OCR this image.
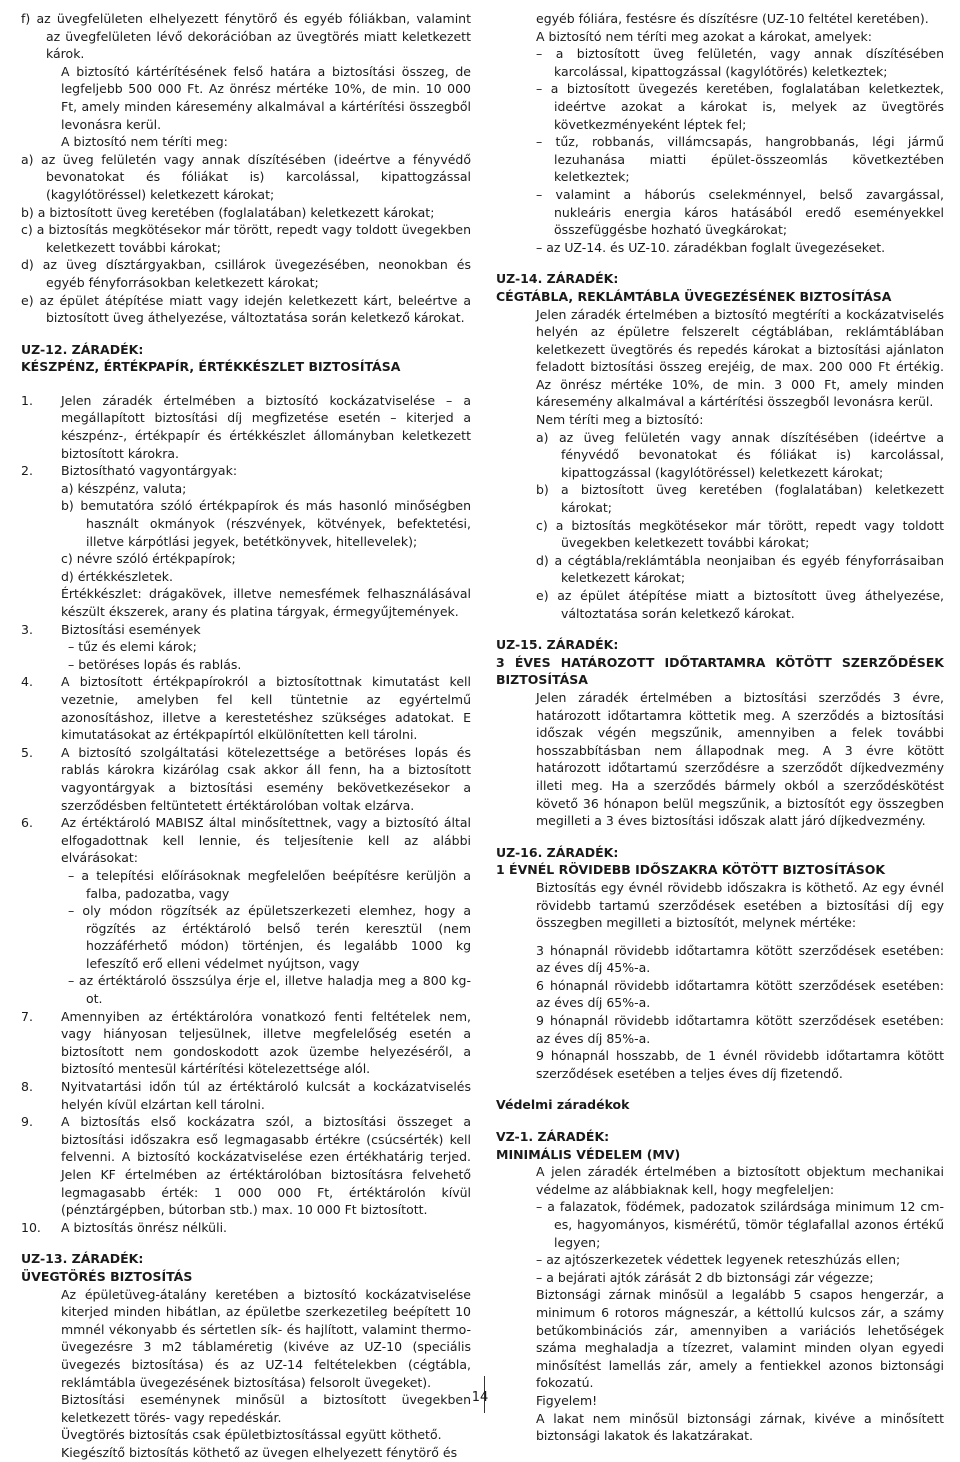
f) az üvegfelületen elhelyezett fénytörő és egyéb fóliákban, valamint az üvegfelületen lévő dekorációban az üvegtörés miatt keletkezett károk.

A biztosító kártérítésének felső határa a biztosítási összeg, de legfeljebb 500 000 Ft. Az önrész mértéke 10%, de min. 10 000 Ft, amely minden káresemény alkalmával a kártérítési összegből levonásra kerül.

A biztosító nem téríti meg:

a) az üveg felületén vagy annak díszítésében (ideértve a fényvédő bevonatokat és fóliákat is) karcolással, kipattogzással (kagylótöréssel) keletkezett károkat;

b) a biztosított üveg keretében (foglalatában) keletkezett károkat;

c) a biztosítás megkötésekor már törött, repedt vagy toldott üvegekben keletkezett további károkat;

d) az üveg dísztárgyakban, csillárok üvegezésében, neonokban és egyéb fényforrásokban keletkezett károkat;

e) az épület átépítése miatt vagy idején keletkezett kárt, beleértve a biztosított üveg áthelyezése, változtatása során keletkező károkat.

UZ-12. ZÁRADÉK:

KÉSZPÉNZ, ÉRTÉKPAPÍR, ÉRTÉKKÉSZLET BIZTOSÍTÁSA

1.	Jelen záradék értelmében a biztosító kockázatviselése – a megállapított biztosítási díj megfizetése esetén – kiterjed a készpénz-, értékpapír és értékkészlet állományban keletkezett biztosított károkra.
2.	Biztosítható vagyontárgyak:

a) készpénz, valuta;

b) bemutatóra szóló értékpapírok és más hasonló minőségben használt okmányok (részvények, kötvények, befektetési, illetve kárpótlási jegyek, betétkönyvek, hitellevelek);

c) névre szóló értékpapírok;

d) értékkészletek.

Értékkészlet: drágakövek, illetve nemesfémek felhasználásával készült ékszerek, arany és platina tárgyak, érmegyűjtemények.

3.	Biztosítási események

– tűz és elemi károk;

– betöréses lopás és rablás.

4.	A biztosított értékpapírokról a biztosítottnak kimutatást kell vezetnie, amelyben fel kell tüntetnie az egyértelmű azonosításhoz, illetve a kerestetéshez szükséges adatokat. E kimutatásokat az értékpapírtól elkülönítetten kell tárolni.
5.	A biztosító szolgáltatási kötelezettsége a betöréses lopás és rablás károkra kizárólag csak akkor áll fenn, ha a biztosított vagyontárgyak a biztosítási esemény bekövetkezésekor a szerződésben feltüntetett értéktárolóban voltak elzárva.
6.	Az értéktároló MABISZ által minősítettnek, vagy a biztosító által elfogadottnak kell lennie, és teljesítenie kell az alábbi elvárásokat:

– a telepítési előírásoknak megfelelően beépítésre kerüljön a falba, padozatba, vagy

– oly módon rögzítsék az épületszerkezeti elemhez, hogy a rögzítés az értéktároló belső terén keresztül (nem hozzáférhető módon) történjen, és legalább 1000 kg lefeszítő erő elleni védelmet nyújtson, vagy

– az értéktároló összsúlya érje el, illetve haladja meg a 800 kg-ot.

7.	Amennyiben az értéktárolóra vonatkozó fenti feltételek nem, vagy hiányosan teljesülnek, illetve megfelelőség esetén a biztosított nem gondoskodott azok üzembe helyezéséről, a biztosító mentesül kártérítési kötelezettsége alól.
8.	Nyitvatartási időn túl az értéktároló kulcsát a kockázatviselés helyén kívül elzártan kell tárolni.
9.	A biztosítás első kockázatra szól, a biztosítási összeget a biztosítási időszakra eső legmagasabb értékre (csúcsérték) kell felvenni. A biztosító kockázatviselése ezen értékhatárig terjed. Jelen KF értelmében az értéktárolóban biztosításra felvehető legmagasabb érték: 1 000 000 Ft, értéktárolón kívül (pénztárgépben, bútorban stb.) max. 10 000 Ft biztosított.
10.	A biztosítás önrész nélküli.

UZ-13. ZÁRADÉK:

ÜVEGTÖRÉS BIZTOSÍTÁS

Az épületüveg-átalány keretében a biztosító kockázatviselése kiterjed minden hibátlan, az épületbe szerkezetileg beépített 10 mmnél vékonyabb és sértetlen sík- és hajlított, valamint thermo-üvegezésre 3 m2 táblaméretig (kivéve az UZ-10 (speciális üvegezés biztosítása) és az UZ-14 feltételekben (cégtábla, reklámtábla üvegezésének biztosítása) felsorolt üvegeket).

Biztosítási eseménynek minősül a biztosított üvegekben keletkezett törés- vagy repedéskár.

Üvegtörés biztosítás csak épületbiztosítással együtt köthető.

Kiegészítő biztosítás köthető az üvegen elhelyezett fénytörő és

egyéb fóliára, festésre és díszítésre (UZ-10 feltétel keretében).

A biztosító nem téríti meg azokat a károkat, amelyek:

– a biztosított üveg felületén, vagy annak díszítésében karcolással, kipattogzással (kagylótörés) keletkeztek;

– a biztosított üvegezés keretében, foglalatában keletkeztek, ideértve azokat a károkat is, melyek az üvegtörés következményeként léptek fel;

– tűz, robbanás, villámcsapás, hangrobbanás, légi jármű lezuhanása miatti épület-összeomlás következtében keletkeztek;

– valamint a háborús cselekménnyel, belső zavargással, nukleáris energia káros hatásából eredő eseményekkel összefüggésbe hozható üvegkárokat;

– az UZ-14. és UZ-10. záradékban foglalt üvegezéseket.

UZ-14. ZÁRADÉK:

CÉGTÁBLA, REKLÁMTÁBLA ÜVEGEZÉSÉNEK BIZTOSÍTÁSA

Jelen záradék értelmében a biztosító megtéríti a kockázatviselés helyén az épületre felszerelt cégtáblában, reklámtáblában keletkezett üvegtörés és repedés károkat a biztosítási ajánlaton feladott biztosítási összeg erejéig, de max. 200 000 Ft értékig. Az önrész mértéke 10%, de min. 3 000 Ft, amely minden káresemény alkalmával a kártérítési összegből levonásra kerül.

Nem téríti meg a biztosító:

a) az üveg felületén vagy annak díszítésében (ideértve a fényvédő bevonatokat és fóliákat is) karcolással, kipattogzással (kagylótöréssel) keletkezett károkat;

b) a biztosított üveg keretében (foglalatában) keletkezett károkat;

c) a biztosítás megkötésekor már törött, repedt vagy toldott üvegekben keletkezett további károkat;

d) a cégtábla/reklámtábla neonjaiban és egyéb fényforrásaiban keletkezett károkat;

e) az épület átépítése miatt a biztosított üveg áthelyezése, változtatása során keletkező károkat.

UZ-15. ZÁRADÉK:

3 ÉVES HATÁROZOTT IDŐTARTAMRA KÖTÖTT SZERZŐDÉSEK BIZTOSÍTÁSA

Jelen záradék értelmében a biztosítási szerződés 3 évre, határozott időtartamra köttetik meg. A szerződés a biztosítási időszak végén megszűnik, amennyiben a felek további hosszabbításban nem állapodnak meg. A 3 évre kötött határozott időtartamú szerződésre a szerződőt díjkedvezmény illeti meg. Ha a szerződés bármely okból a szerződéskötést követő 36 hónapon belül megszűnik, a biztosítót egy összegben megilleti a 3 éves biztosítási időszak alatt járó díjkedvezmény.

UZ-16. ZÁRADÉK:

1 ÉVNÉL RÖVIDEBB IDŐSZAKRA KÖTÖTT BIZTOSÍTÁSOK

Biztosítás egy évnél rövidebb időszakra is köthető. Az egy évnél rövidebb tartamú szerződések esetében a biztosítási díj egy összegben megilleti a biztosítót, melynek mértéke:

3 hónapnál rövidebb időtartamra kötött szerződések esetében: az éves díj 45%-a.

6 hónapnál rövidebb időtartamra kötött szerződések esetében: az éves díj 65%-a.

9 hónapnál rövidebb időtartamra kötött szerződések esetében: az éves díj 85%-a.

9 hónapnál hosszabb, de 1 évnél rövidebb időtartamra kötött szerződések esetében a teljes éves díj fizetendő.

Védelmi záradékok

VZ-1. ZÁRADÉK:

MINIMÁLIS VÉDELEM (MV)

A jelen záradék értelmében a biztosított objektum mechanikai védelme az alábbiaknak kell, hogy megfeleljen:

– a falazatok, födémek, padozatok szilárdsága minimum 12 cm-es, hagyományos, kismérétű, tömör téglafallal azonos értékű legyen;

– az ajtószerkezetek védettek legyenek reteszhúzás ellen;

– a bejárati ajtók zárását 2 db biztonsági zár végezze;

Biztonsági zárnak minősül a legalább 5 csapos hengerzár, a minimum 6 rotoros mágneszár, a kéttollú kulcsos zár, a számy betűkombinációs zár, amennyiben a variációs lehetőségek száma meghaladja a tízezret, valamint minden olyan egyedi minősítést lamellás zár, amely a fentiekkel azonos biztonsági fokozatú.

Figyelem!

A lakat nem minősül biztonsági zárnak, kivéve a minősített biztonsági lakatok és lakatzárakat.

14
